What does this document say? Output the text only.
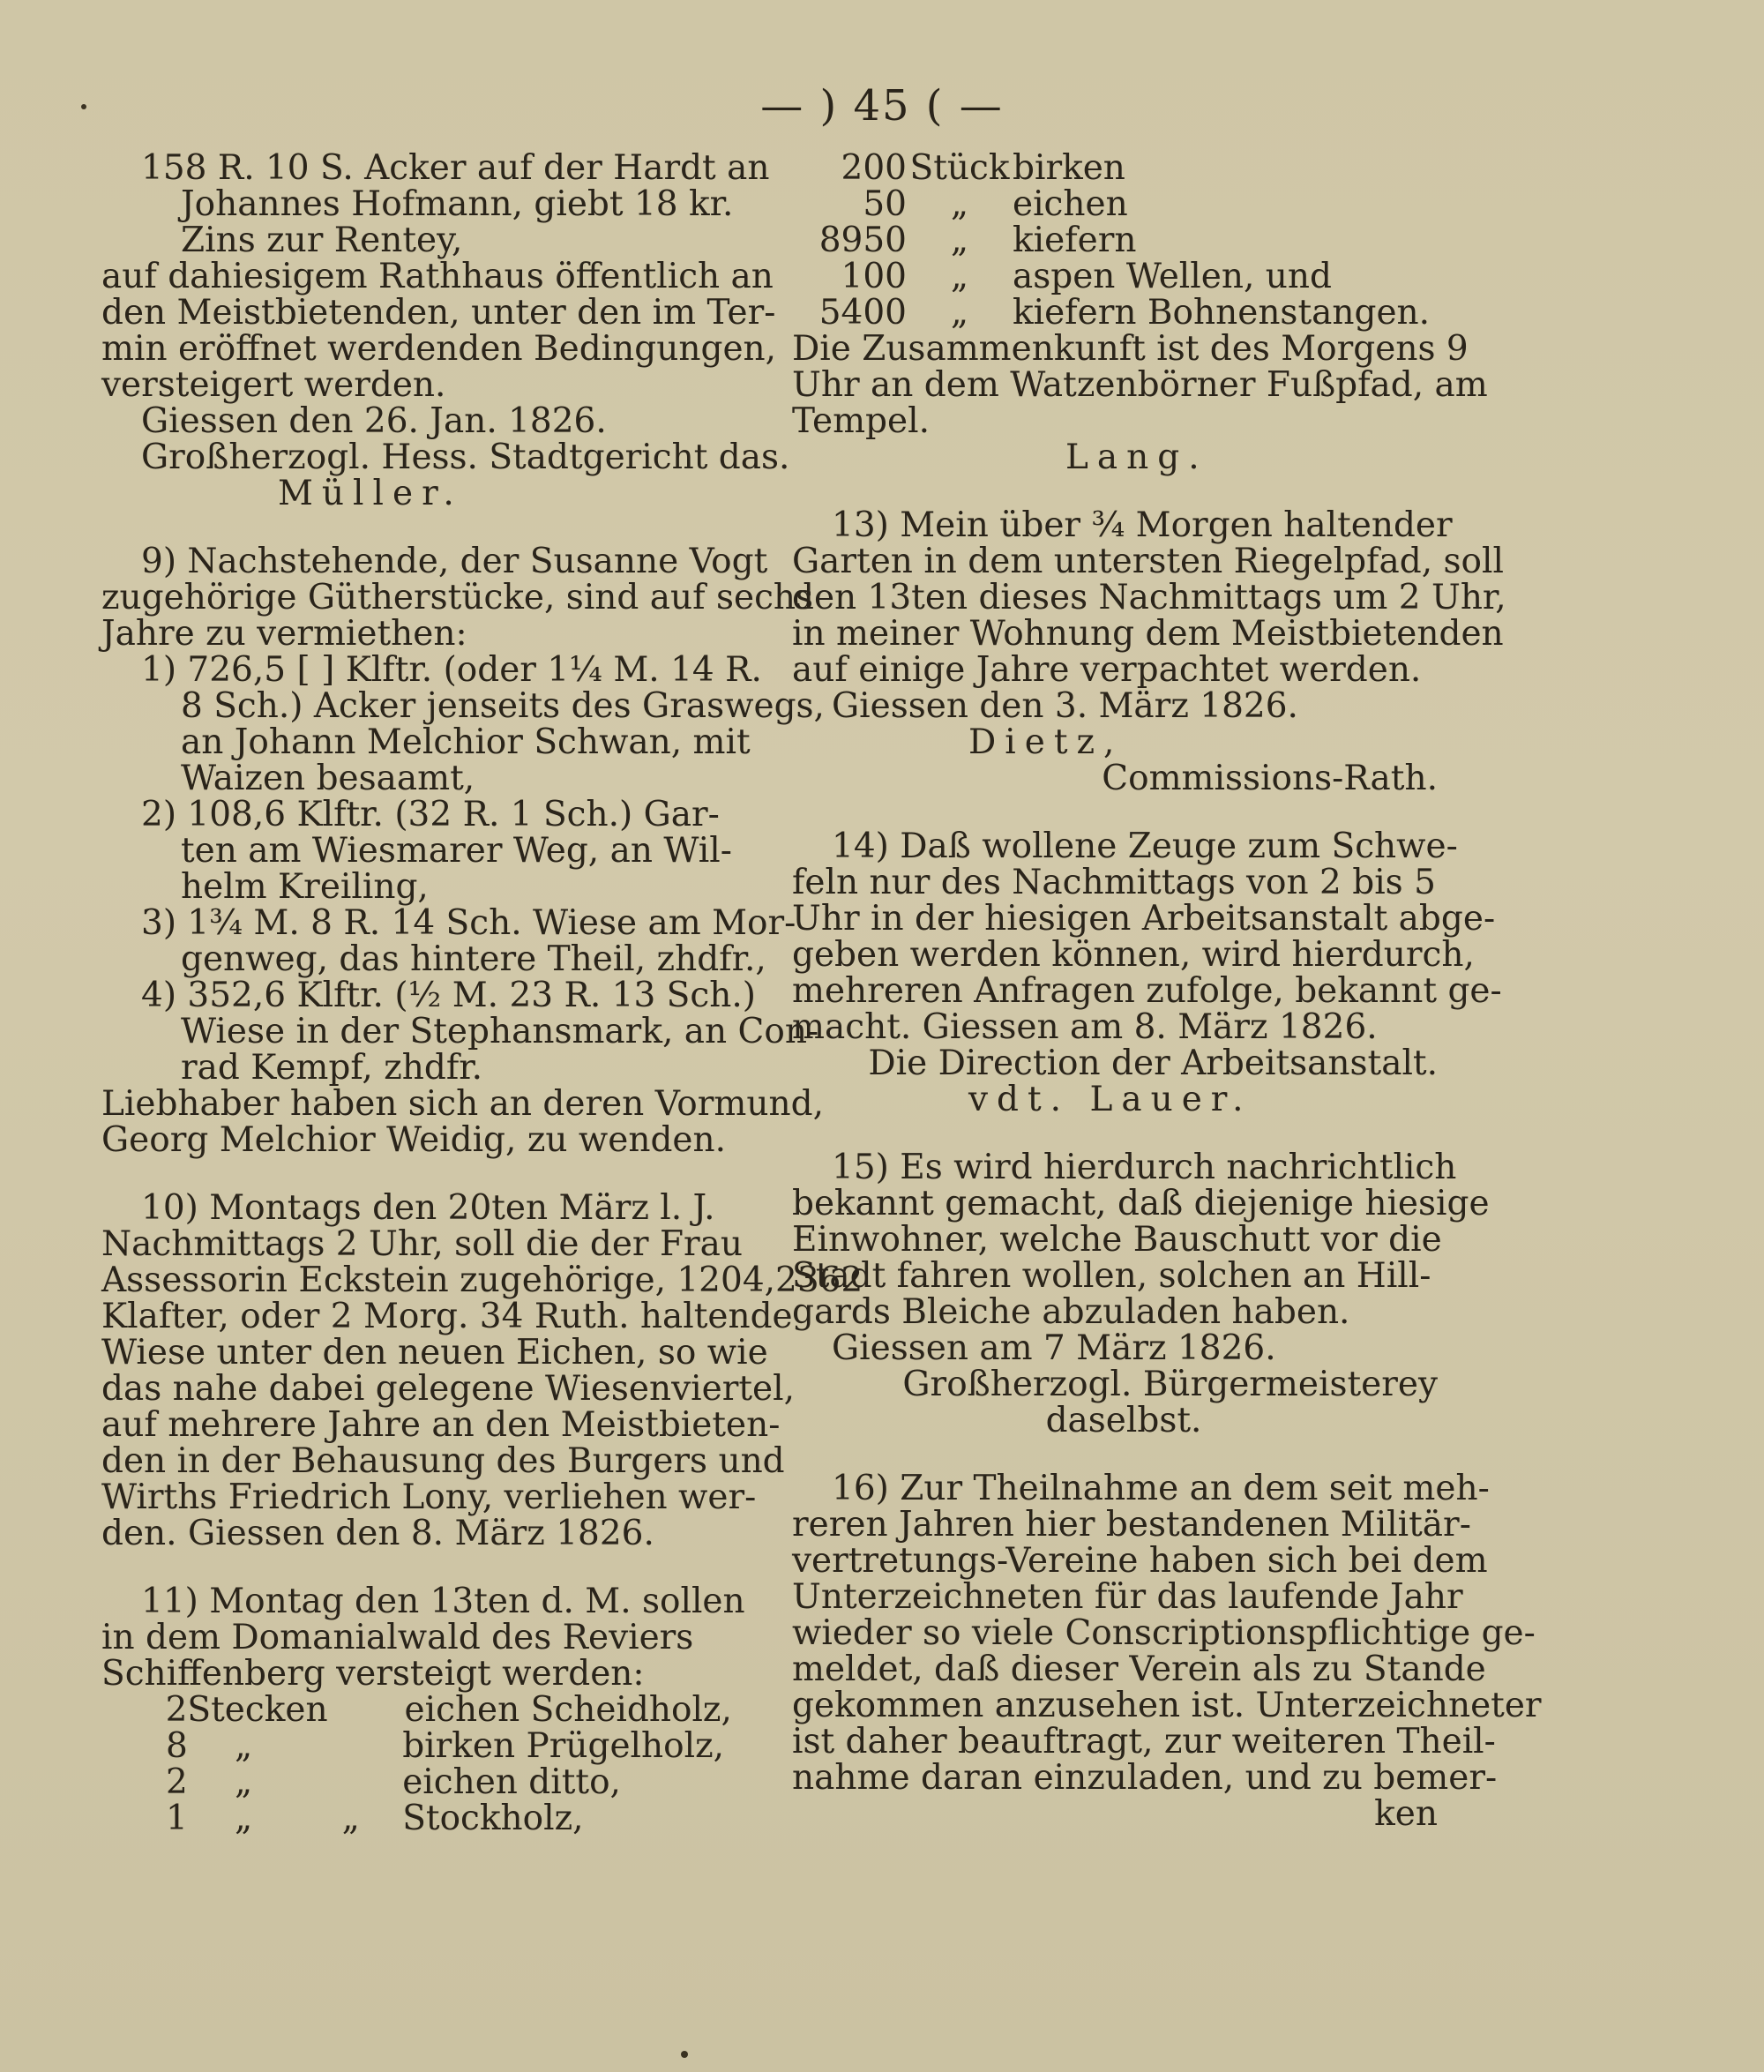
— ) 45 ( —
158 R. 10 S. Acker auf der Hardt an
Johannes Hofmann, giebt 18 kr.
Zins zur Rentey,
auf dahiesigem Rathhaus öffentlich an
den Meistbietenden, unter den im Ter-
min eröffnet werdenden Bedingungen,
versteigert werden.
Giessen den 26. Jan. 1826.
Großherzogl. Hess. Stadtgericht das.
Müller.
9) Nachstehende, der Susanne Vogt
zugehörige Gütherstücke, sind auf sechs
Jahre zu vermiethen:
1) 726,5 [ ] Klftr. (oder 1¼ M. 14 R.
8 Sch.) Acker jenseits des Graswegs,
an Johann Melchior Schwan, mit
Waizen besaamt,
2) 108,6 Klftr. (32 R. 1 Sch.) Gar-
ten am Wiesmarer Weg, an Wil-
helm Kreiling,
3) 1¾ M. 8 R. 14 Sch. Wiese am Mor-
genweg, das hintere Theil, zhdfr.,
4) 352,6 Klftr. (½ M. 23 R. 13 Sch.)
Wiese in der Stephansmark, an Con-
rad Kempf, zhdfr.
Liebhaber haben sich an deren Vormund,
Georg Melchior Weidig, zu wenden.
10) Montags den 20ten März l. J.
Nachmittags 2 Uhr, soll die der Frau
Assessorin Eckstein zugehörige, 1204,2362
Klafter, oder 2 Morg. 34 Ruth. haltende
Wiese unter den neuen Eichen, so wie
das nahe dabei gelegene Wiesenviertel,
auf mehrere Jahre an den Meistbieten-
den in der Behausung des Burgers und
Wirths Friedrich Lony, verliehen wer-
den. Giessen den 8. März 1826.
11) Montag den 13ten d. M. sollen
in dem Domanialwald des Reviers
Schiffenberg versteigt werden:
2 Stecken eichen Scheidholz,
8	„	birken Prügelholz,
2	„	eichen ditto,
1	„	„	Stockholz,
200 Stück birken
50	„	eichen
8950	„	kiefern
100	„	aspen Wellen, und
5400	„	kiefern Bohnenstangen.
Die Zusammenkunft ist des Morgens 9
Uhr an dem Watzenbörner Fußpfad, am
Tempel.
Lang.
13) Mein über ¾ Morgen haltender
Garten in dem untersten Riegelpfad, soll
den 13ten dieses Nachmittags um 2 Uhr,
in meiner Wohnung dem Meistbietenden
auf einige Jahre verpachtet werden.
Giessen den 3. März 1826.
Dietz,
Commissions-Rath.
14) Daß wollene Zeuge zum Schwe-
feln nur des Nachmittags von 2 bis 5
Uhr in der hiesigen Arbeitsanstalt abge-
geben werden können, wird hierdurch,
mehreren Anfragen zufolge, bekannt ge-
macht. Giessen am 8. März 1826.
Die Direction der Arbeitsanstalt.
vdt. Lauer.
15) Es wird hierdurch nachrichtlich
bekannt gemacht, daß diejenige hiesige
Einwohner, welche Bauschutt vor die
Stadt fahren wollen, solchen an Hill-
gards Bleiche abzuladen haben.
Giessen am 7 März 1826.
Großherzogl. Bürgermeisterey
daselbst.
16) Zur Theilnahme an dem seit meh-
reren Jahren hier bestandenen Militär-
vertretungs-Vereine haben sich bei dem
Unterzeichneten für das laufende Jahr
wieder so viele Conscriptionspflichtige ge-
meldet, daß dieser Verein als zu Stande
gekommen anzusehen ist. Unterzeichneter
ist daher beauftragt, zur weiteren Theil-
nahme daran einzuladen, und zu bemer-
ken
